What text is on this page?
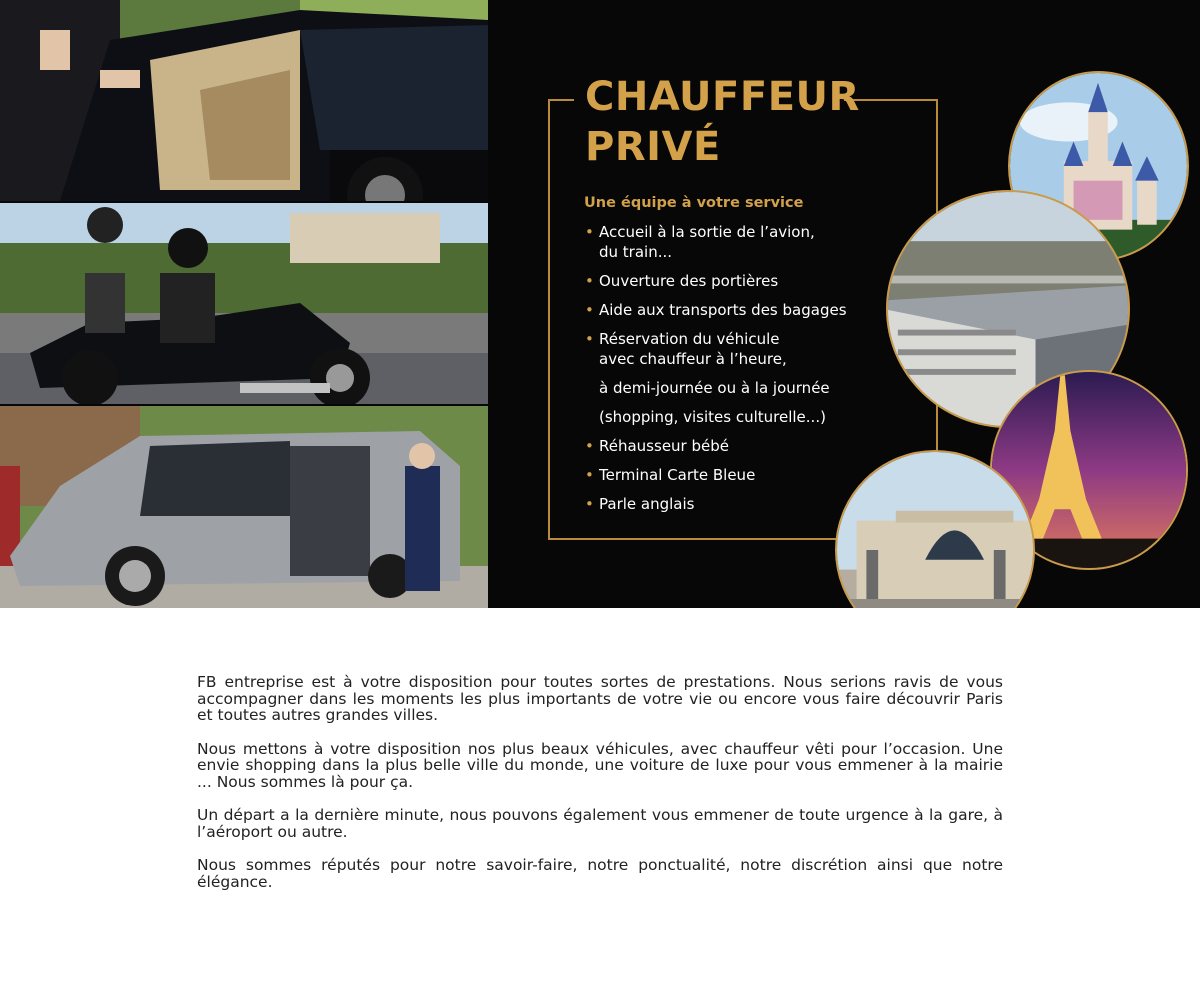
CHAUFFEUR
PRIVÉ
Une équipe à votre service
• Accueil à la sortie de l’avion,
du train...
• Ouverture des portières
• Aide aux transports des bagages
• Réservation du véhicule
avec chauffeur à l’heure,
à demi-journée ou à la journée
(shopping, visites culturelle...)
• Réhausseur bébé
• Terminal Carte Bleue
• Parle anglais

FB entreprise est à votre disposition pour toutes sortes de prestations. Nous serions ravis de vous accompagner dans les moments les plus importants de votre vie ou encore vous faire découvrir Paris et toutes autres grandes villes.

Nous mettons à votre disposition nos plus beaux véhicules, avec chauffeur vêti pour l’occasion. Une envie shopping dans la plus belle ville du monde, une voiture de luxe pour vous emmener à la mairie ... Nous sommes là pour ça.

Un départ a la dernière minute, nous pouvons également vous emmener de toute urgence à la gare, à l’aéroport ou autre.

Nous sommes réputés pour notre savoir-faire, notre ponctualité, notre discrétion ainsi que notre élégance.
